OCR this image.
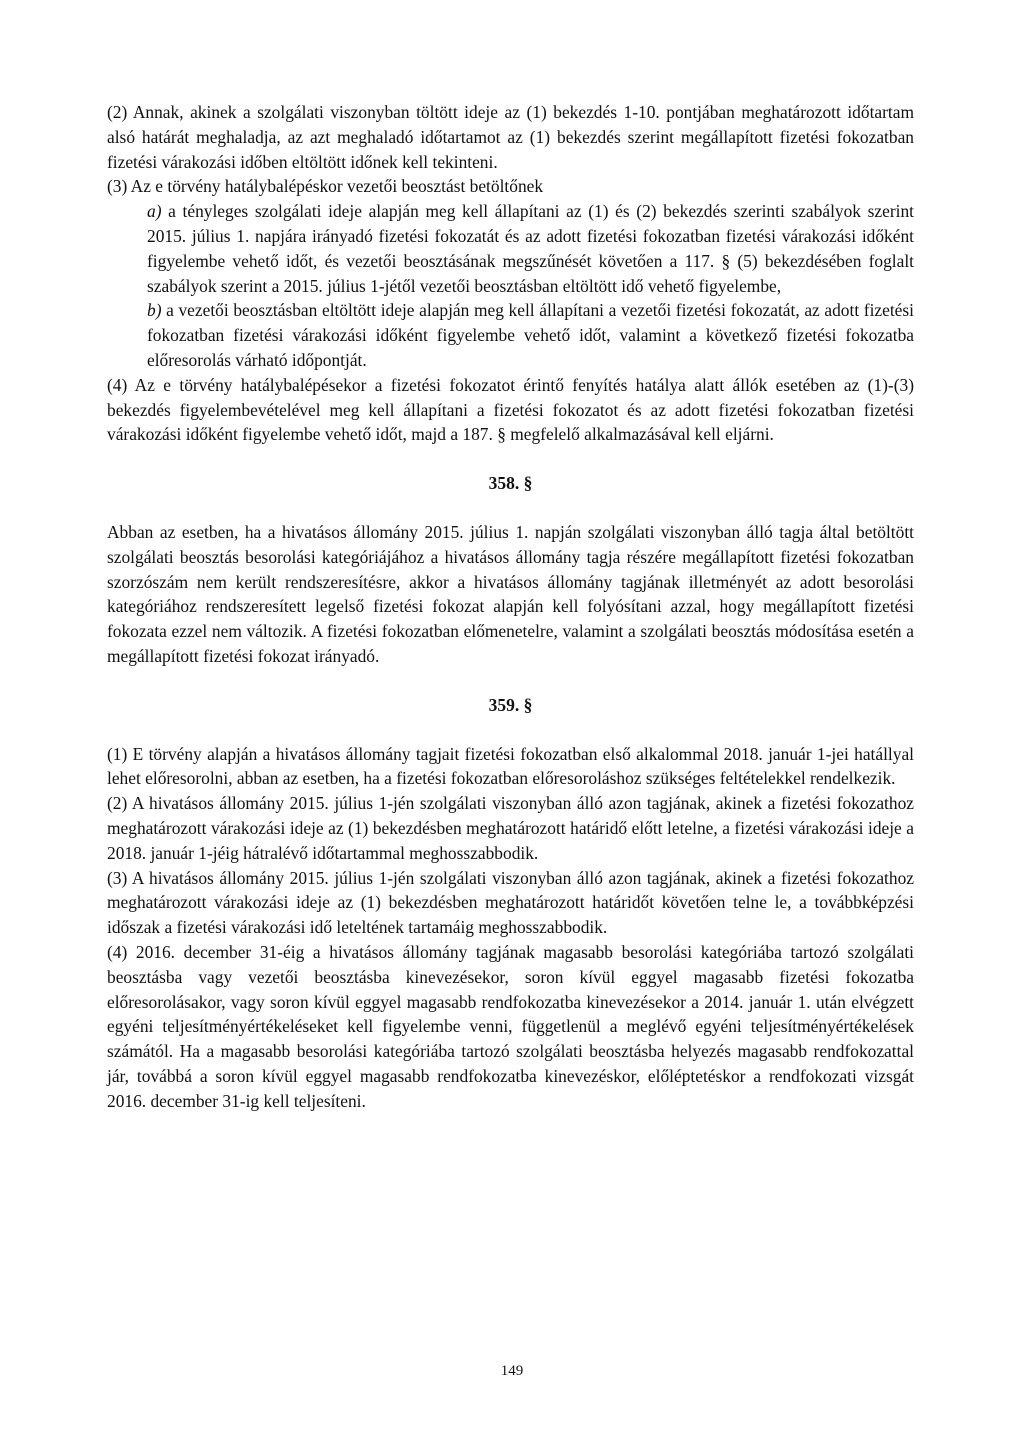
(2) Annak, akinek a szolgálati viszonyban töltött ideje az (1) bekezdés 1-10. pontjában meghatározott időtartam alsó határát meghaladja, az azt meghaladó időtartamot az (1) bekezdés szerint megállapított fizetési fokozatban fizetési várakozási időben eltöltött időnek kell tekinteni.

(3) Az e törvény hatálybalépéskor vezetői beosztást betöltőnek

a) a tényleges szolgálati ideje alapján meg kell állapítani az (1) és (2) bekezdés szerinti szabályok szerint 2015. július 1. napjára irányadó fizetési fokozatát és az adott fizetési fokozatban fizetési várakozási időként figyelembe vehető időt, és vezetői beosztásának megszűnését követően a 117. § (5) bekezdésében foglalt szabályok szerint a 2015. július 1-jétől vezetői beosztásban eltöltött idő vehető figyelembe,

b) a vezetői beosztásban eltöltött ideje alapján meg kell állapítani a vezetői fizetési fokozatát, az adott fizetési fokozatban fizetési várakozási időként figyelembe vehető időt, valamint a következő fizetési fokozatba előresorolás várható időpontját.

(4) Az e törvény hatálybalépésekor a fizetési fokozatot érintő fenyítés hatálya alatt állók esetében az (1)-(3) bekezdés figyelembevételével meg kell állapítani a fizetési fokozatot és az adott fizetési fokozatban fizetési várakozási időként figyelembe vehető időt, majd a 187. § megfelelő alkalmazásával kell eljárni.

358. §

Abban az esetben, ha a hivatásos állomány 2015. július 1. napján szolgálati viszonyban álló tagja által betöltött szolgálati beosztás besorolási kategóriájához a hivatásos állomány tagja részére megállapított fizetési fokozatban szorzószám nem került rendszeresítésre, akkor a hivatásos állomány tagjának illetményét az adott besorolási kategóriához rendszeresített legelső fizetési fokozat alapján kell folyósítani azzal, hogy megállapított fizetési fokozata ezzel nem változik. A fizetési fokozatban előmenetelre, valamint a szolgálati beosztás módosítása esetén a megállapított fizetési fokozat irányadó.

359. §

(1) E törvény alapján a hivatásos állomány tagjait fizetési fokozatban első alkalommal 2018. január 1-jei hatállyal lehet előresorolni, abban az esetben, ha a fizetési fokozatban előresoroláshoz szükséges feltételekkel rendelkezik.

(2) A hivatásos állomány 2015. július 1-jén szolgálati viszonyban álló azon tagjának, akinek a fizetési fokozathoz meghatározott várakozási ideje az (1) bekezdésben meghatározott határidő előtt letelne, a fizetési várakozási ideje a 2018. január 1-jéig hátralévő időtartammal meghosszabbodik.

(3) A hivatásos állomány 2015. július 1-jén szolgálati viszonyban álló azon tagjának, akinek a fizetési fokozathoz meghatározott várakozási ideje az (1) bekezdésben meghatározott határidőt követően telne le, a továbbképzési időszak a fizetési várakozási idő leteltének tartamáig meghosszabbodik.

(4) 2016. december 31-éig a hivatásos állomány tagjának magasabb besorolási kategóriába tartozó szolgálati beosztásba vagy vezetői beosztásba kinevezésekor, soron kívül eggyel magasabb fizetési fokozatba előresorolásakor, vagy soron kívül eggyel magasabb rendfokozatba kinevezésekor a 2014. január 1. után elvégzett egyéni teljesítményértékeléseket kell figyelembe venni, függetlenül a meglévő egyéni teljesítményértékelések számától. Ha a magasabb besorolási kategóriába tartozó szolgálati beosztásba helyezés magasabb rendfokozattal jár, továbbá a soron kívül eggyel magasabb rendfokozatba kinevezéskor, előléptetéskor a rendfokozati vizsgát 2016. december 31-ig kell teljesíteni.

149
